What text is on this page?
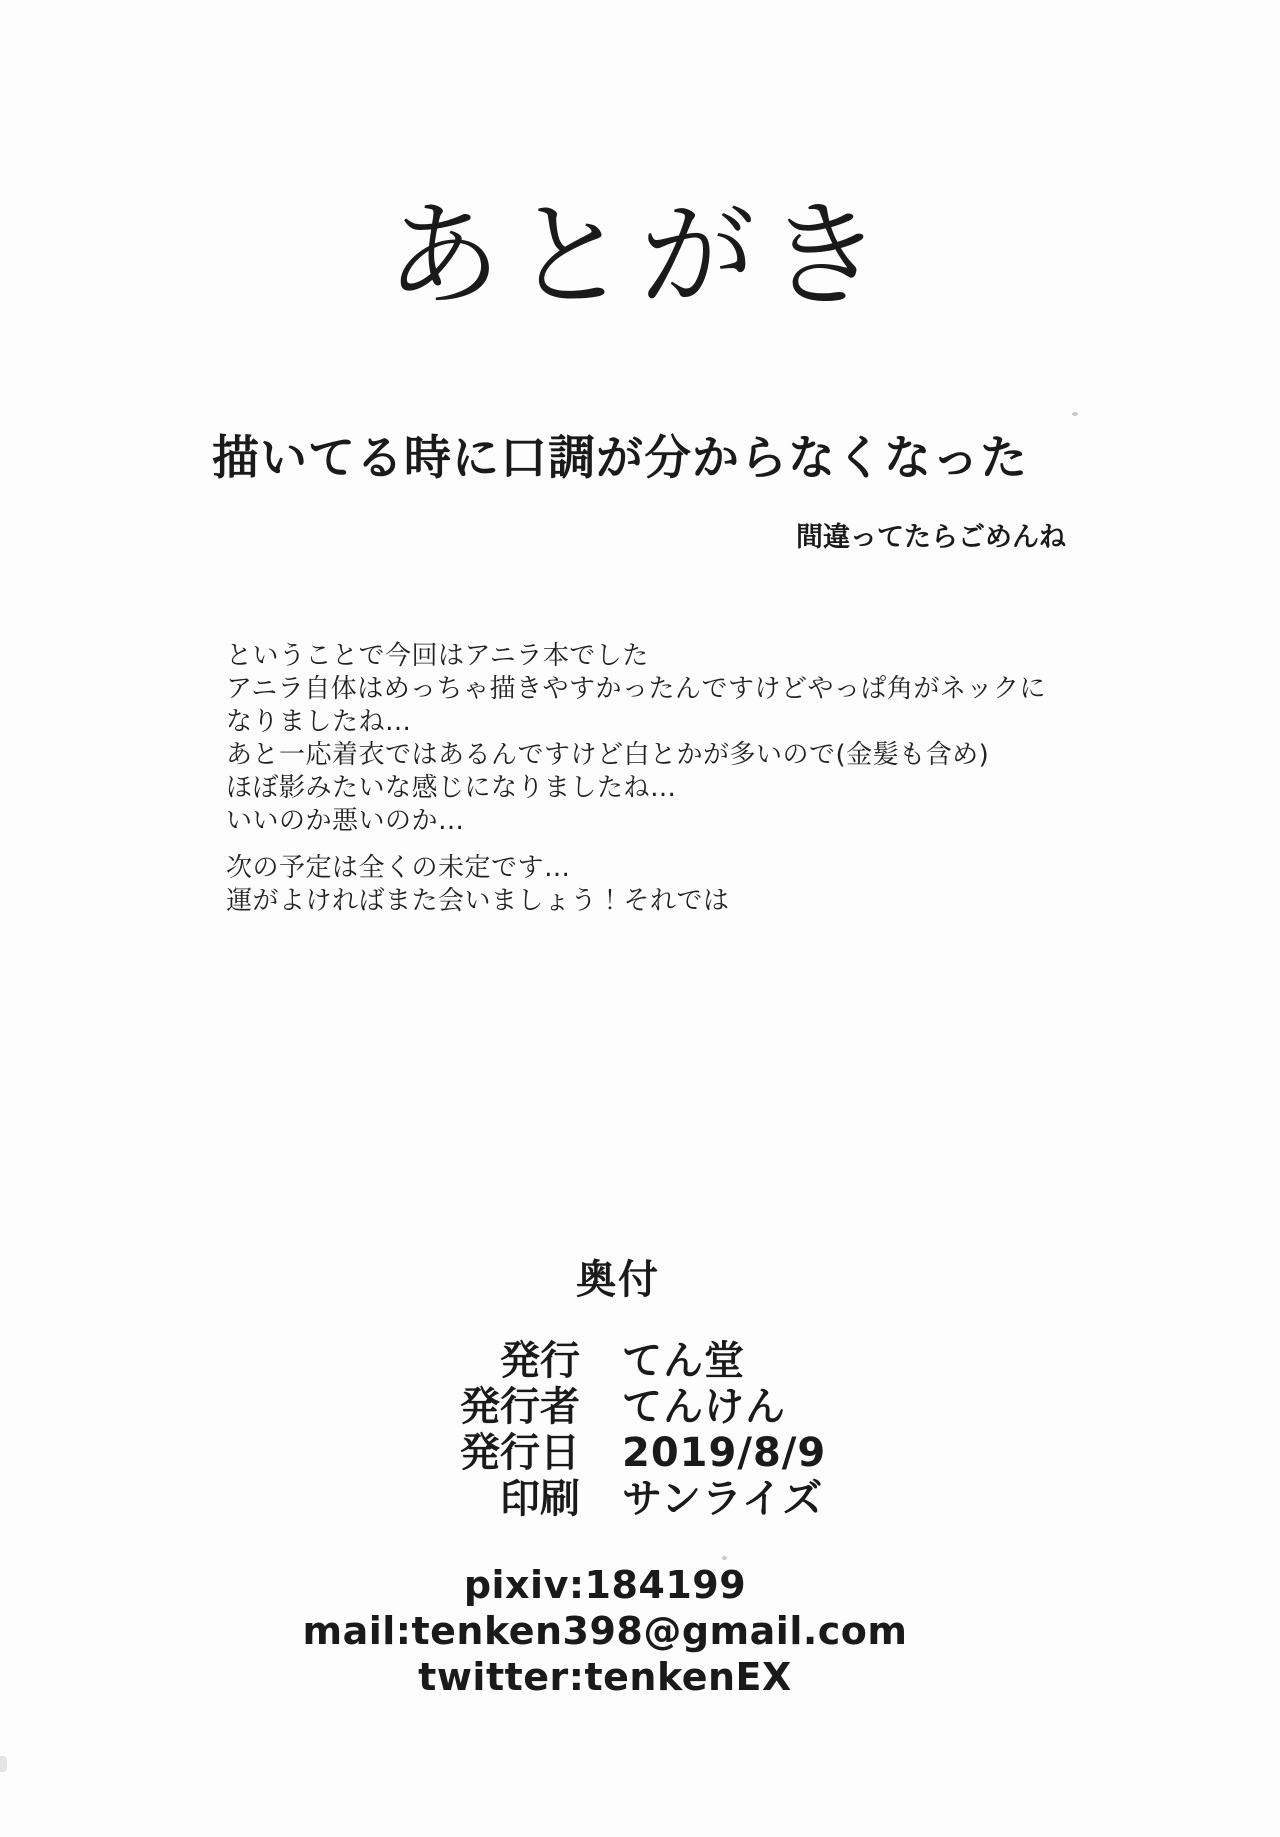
あとがき
描いてる時に口調が分からなくなった
間違ってたらごめんね
ということで今回はアニラ本でした
アニラ自体はめっちゃ描きやすかったんですけどやっぱ角がネックに
なりましたね…
あと一応着衣ではあるんですけど白とかが多いので(金髪も含め)
ほぼ影みたいな感じになりましたね…
いいのか悪いのか…
次の予定は全くの未定です…
運がよければまた会いましょう！それでは
奥付
発行 てん堂
発行者 てんけん
発行日 2019/8/9
印刷 サンライズ
pixiv:184199
mail:tenken398@gmail.com
twitter:tenkenEX
